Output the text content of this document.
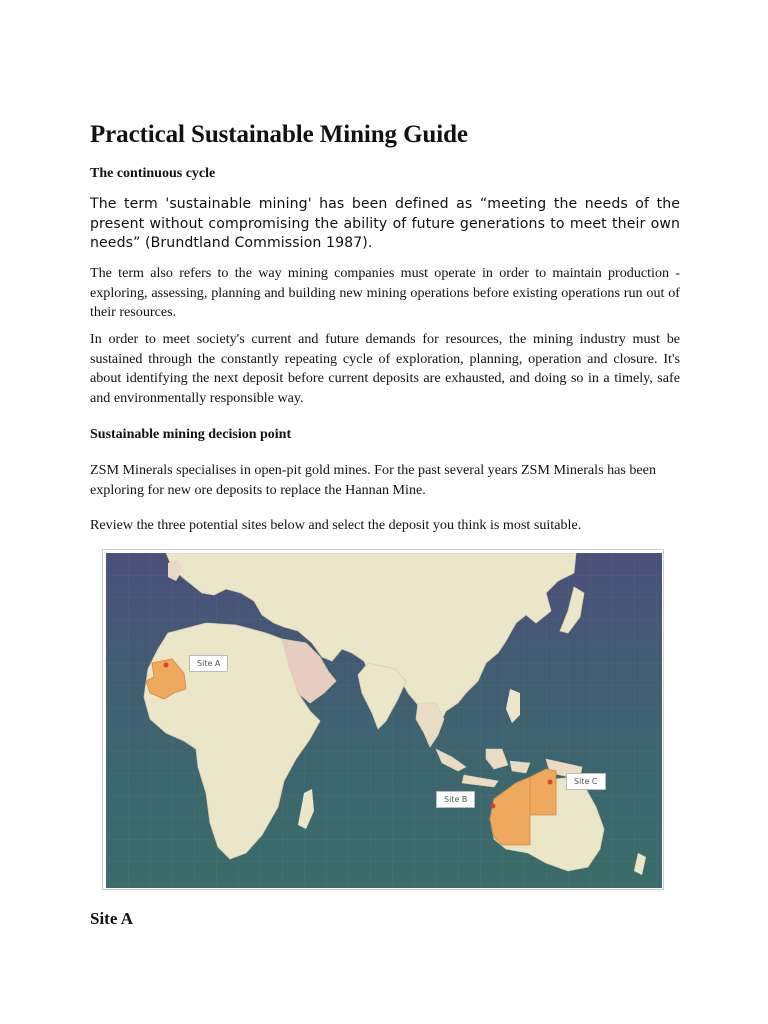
Practical Sustainable Mining Guide
The continuous cycle

The term 'sustainable mining' has been defined as “meeting the needs of the present without compromising the ability of future generations to meet their own needs” (Brundtland Commission 1987).

The term also refers to the way mining companies must operate in order to maintain production - exploring, assessing, planning and building new mining operations before existing operations run out of their resources.

In order to meet society's current and future demands for resources, the mining industry must be sustained through the constantly repeating cycle of exploration, planning, operation and closure. It's about identifying the next deposit before current deposits are exhausted, and doing so in a timely, safe and environmentally responsible way.

Sustainable mining decision point

ZSM Minerals specialises in open-pit gold mines. For the past several years ZSM Minerals has been exploring for new ore deposits to replace the Hannan Mine.

Review the three potential sites below and select the deposit you think is most suitable.

Site A
Site B
Site C
Site A
